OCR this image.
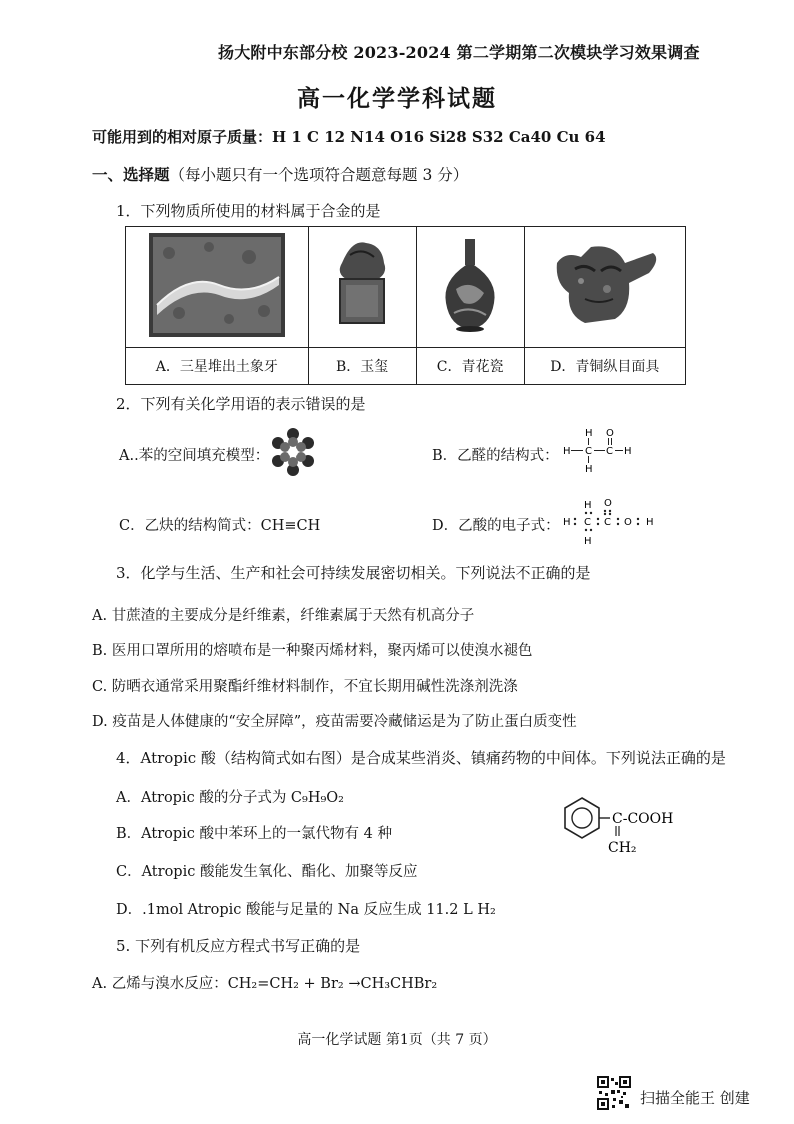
扬大附中东部分校 2023-2024 第二学期第二次模块学习效果调查
高一化学学科试题
可能用到的相对原子质量：H 1 C 12 N14 O16 Si28 S32 Ca40 Cu 64
一、选择题（每小题只有一个选项符合题意每题 3 分）
1．下列物质所使用的材料属于合金的是

A．三星堆出土象牙	B．玉玺	C．青花瓷	D．青铜纵目面具
2．下列有关化学用语的表示错误的是
A..苯的空间填充模型：	B．乙醛的结构式：
H
H C C H
O
H
C．乙炔的结构简式：CH≡CH	D．乙酸的电子式：
H
H C C
O
O H
H
3．化学与生活、生产和社会可持续发展密切相关。下列说法不正确的是
A. 甘蔗渣的主要成分是纤维素，纤维素属于天然有机高分子
B. 医用口罩所用的熔喷布是一种聚丙烯材料，聚丙烯可以使溴水褪色
C. 防晒衣通常采用聚酯纤维材料制作，不宜长期用碱性洗涤剂洗涤
D. 疫苗是人体健康的“安全屏障”，疫苗需要冷藏储运是为了防止蛋白质变性
4．Atropic 酸（结构简式如右图）是合成某些消炎、镇痛药物的中间体。下列说法正确的是
A．Atropic 酸的分子式为 C₉H₉O₂
B．Atropic 酸中苯环上的一氯代物有 4 种
C．Atropic 酸能发生氧化、酯化、加聚等反应
D．.1mol Atropic 酸能与足量的 Na 反应生成 11.2 L H₂
C-COOH
CH₂
5. 下列有机反应方程式书写正确的是
A. 乙烯与溴水反应：CH₂=CH₂ + Br₂ →CH₃CHBr₂
高一化学试题 第1页（共 7 页）
扫描全能王 创建
